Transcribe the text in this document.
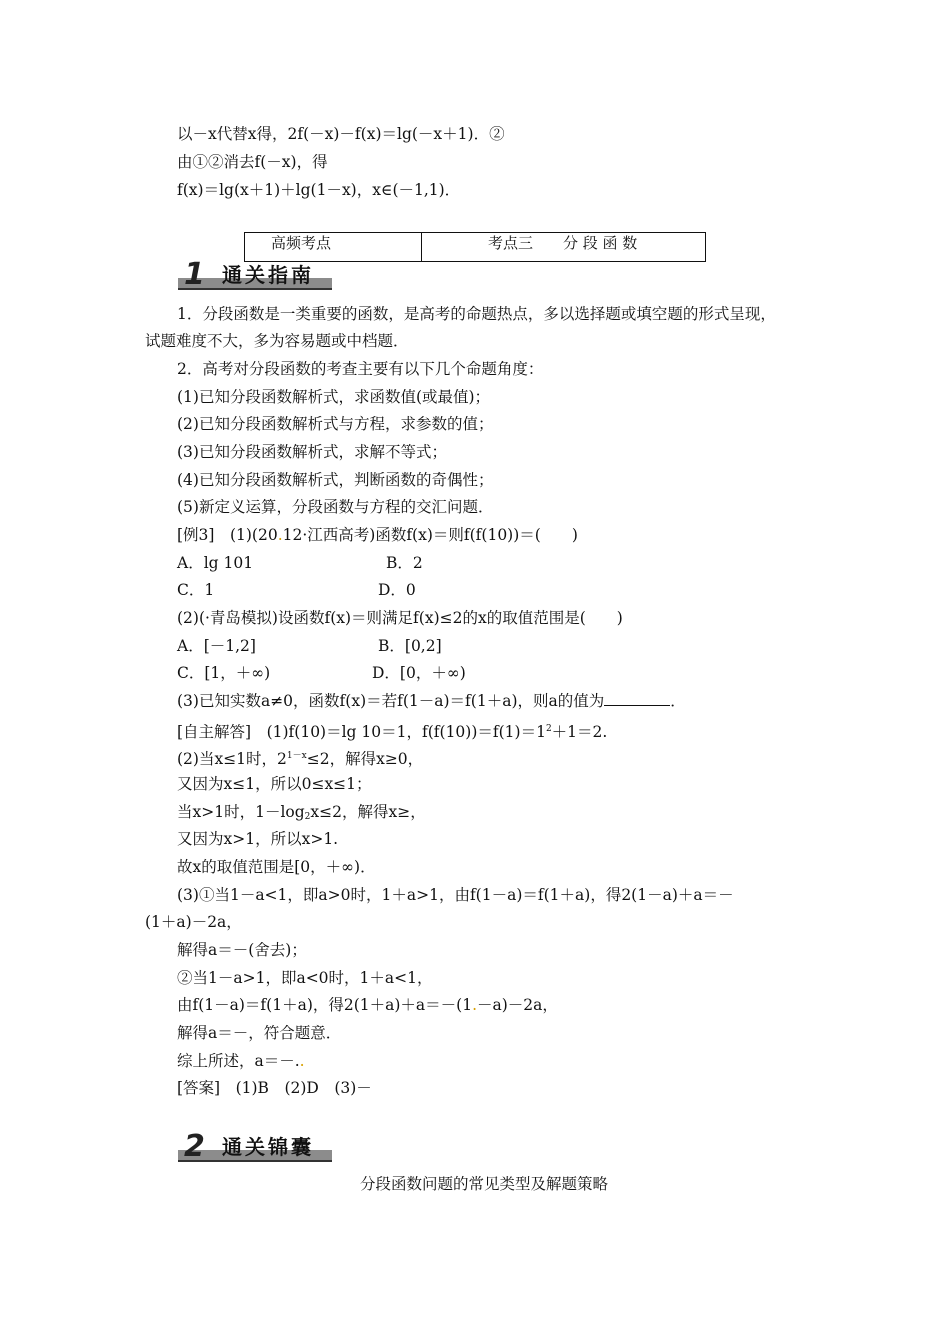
以－x代替x得，2f(－x)－f(x)＝lg(－x＋1)．②
由①②消去f(－x)，得
f(x)＝lg(x＋1)＋lg(1－x)，x∈(－1,1)．
高频考点	考点三　　分 段 函 数
1 通关指南
1．分段函数是一类重要的函数，是高考的命题热点，多以选择题或填空题的形式呈现，
试题难度不大，多为容易题或中档题．
2．高考对分段函数的考查主要有以下几个命题角度：
(1)已知分段函数解析式，求函数值(或最值)；
(2)已知分段函数解析式与方程，求参数的值；
(3)已知分段函数解析式，求解不等式；
(4)已知分段函数解析式，判断函数的奇偶性；
(5)新定义运算，分段函数与方程的交汇问题．
[例3]　(1)(20.12·江西高考)函数f(x)＝则f(f(10))＝(　　)
A．lg 101	B．2
C．1	D．0
(2)(·青岛模拟)设函数f(x)＝则满足f(x)≤2的x的取值范围是(　　)
A．[－1,2]	B．[0,2]
C．[1，＋∞)	D．[0，＋∞)
(3)已知实数a≠0，函数f(x)＝若f(1－a)＝f(1＋a)，则a的值为	．
[自主解答]　(1)f(10)＝lg 10＝1，$f(f(10))=f(1)=1^2+1=2$.
(2)当x≤1时，$2^{1-x}\le 2$，解得x≥0，
又因为x≤1，所以0≤x≤1；
当x>1时，$1-\log_2x\le 2$，解得x≥，
又因为x>1，所以x>1.
故x的取值范围是[0，＋∞)．
(3)①当1－a<1，即a>0时，1＋a>1，由f(1－a)＝f(1＋a)，得2(1－a)＋a＝－
(1＋a)－2a，
解得a＝－(舍去)；
②当1－a>1，即a<0时，1＋a<1，
由f(1－a)＝f(1＋a)，得2(1＋a)＋a＝－(1.－a)－2a，
解得a＝－，符合题意．
综上所述，a＝－..
[答案]　(1)B　(2)D　(3)－
2 通关锦囊
分段函数问题的常见类型及解题策略
